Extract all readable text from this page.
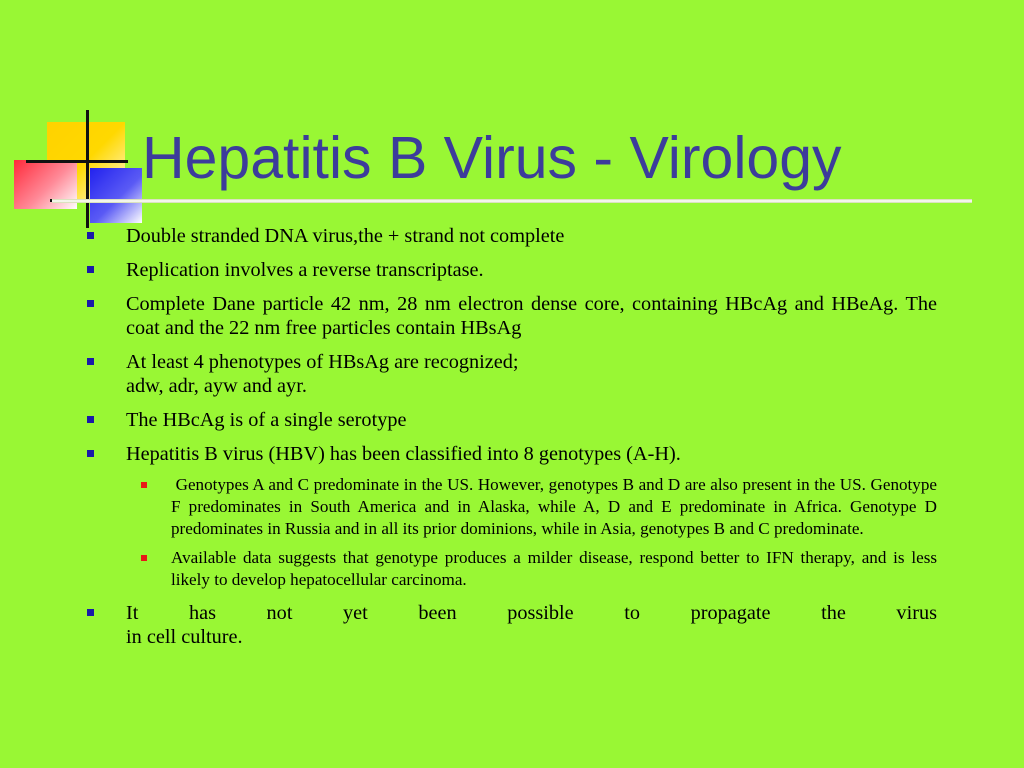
Hepatitis B Virus - Virology
Double stranded DNA virus,the + strand not complete
Replication involves a reverse transcriptase.
Complete Dane particle 42 nm, 28 nm electron dense core, containing HBcAg and HBeAg. The coat and the 22 nm free particles contain HBsAg
At least 4 phenotypes of HBsAg are recognized;
adw, adr, ayw and ayr.
The HBcAg is of a single serotype
Hepatitis B virus (HBV) has been classified into 8 genotypes (A-H).
Genotypes A and C predominate in the US. However, genotypes B and D are also present in the US. Genotype F predominates in South America and in Alaska, while A, D and E predominate in Africa. Genotype D predominates in Russia and in all its prior dominions, while in Asia, genotypes B and C predominate.
Available data suggests that genotype produces a milder disease, respond better to IFN therapy, and is less likely to develop hepatocellular carcinoma.
It has not yet been possible to propagate the virus
in cell culture.
